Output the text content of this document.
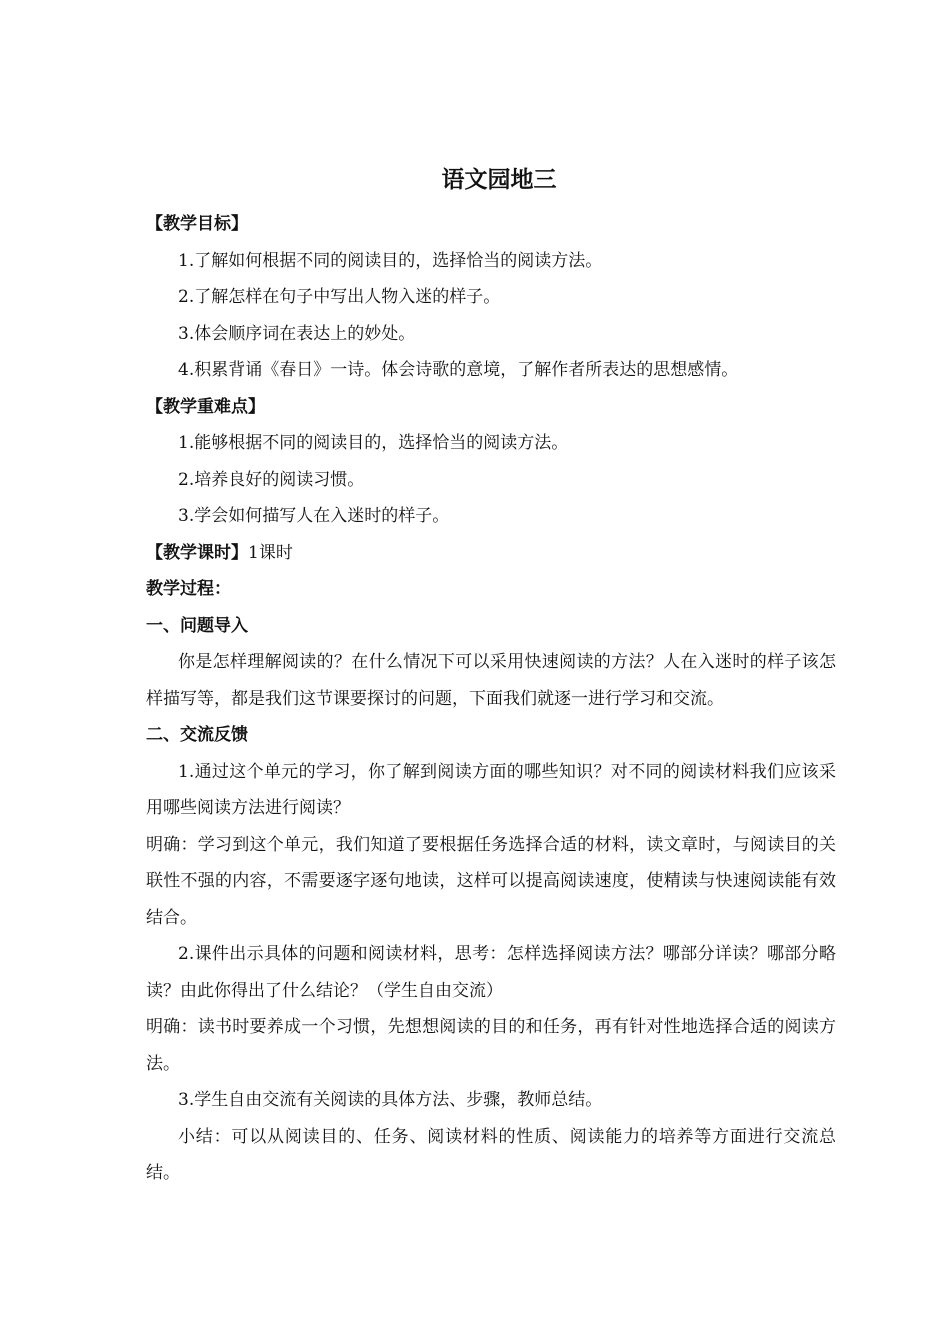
语文园地三

【教学目标】

1.了解如何根据不同的阅读目的，选择恰当的阅读方法。

2.了解怎样在句子中写出人物入迷的样子。

3.体会顺序词在表达上的妙处。

4.积累背诵《春日》一诗。体会诗歌的意境，了解作者所表达的思想感情。

【教学重难点】

1.能够根据不同的阅读目的，选择恰当的阅读方法。

2.培养良好的阅读习惯。

3.学会如何描写人在入迷时的样子。

【教学课时】1课时

教学过程：

一、问题导入

你是怎样理解阅读的？在什么情况下可以采用快速阅读的方法？人在入迷时的样子该怎样描写等，都是我们这节课要探讨的问题，下面我们就逐一进行学习和交流。

二、交流反馈

1.通过这个单元的学习，你了解到阅读方面的哪些知识？对不同的阅读材料我们应该采用哪些阅读方法进行阅读？

明确：学习到这个单元，我们知道了要根据任务选择合适的材料，读文章时，与阅读目的关联性不强的内容，不需要逐字逐句地读，这样可以提高阅读速度，使精读与快速阅读能有效结合。

2.课件出示具体的问题和阅读材料，思考：怎样选择阅读方法？哪部分详读？哪部分略读？由此你得出了什么结论？（学生自由交流）

明确：读书时要养成一个习惯，先想想阅读的目的和任务，再有针对性地选择合适的阅读方法。

3.学生自由交流有关阅读的具体方法、步骤，教师总结。

小结：可以从阅读目的、任务、阅读材料的性质、阅读能力的培养等方面进行交流总结。
